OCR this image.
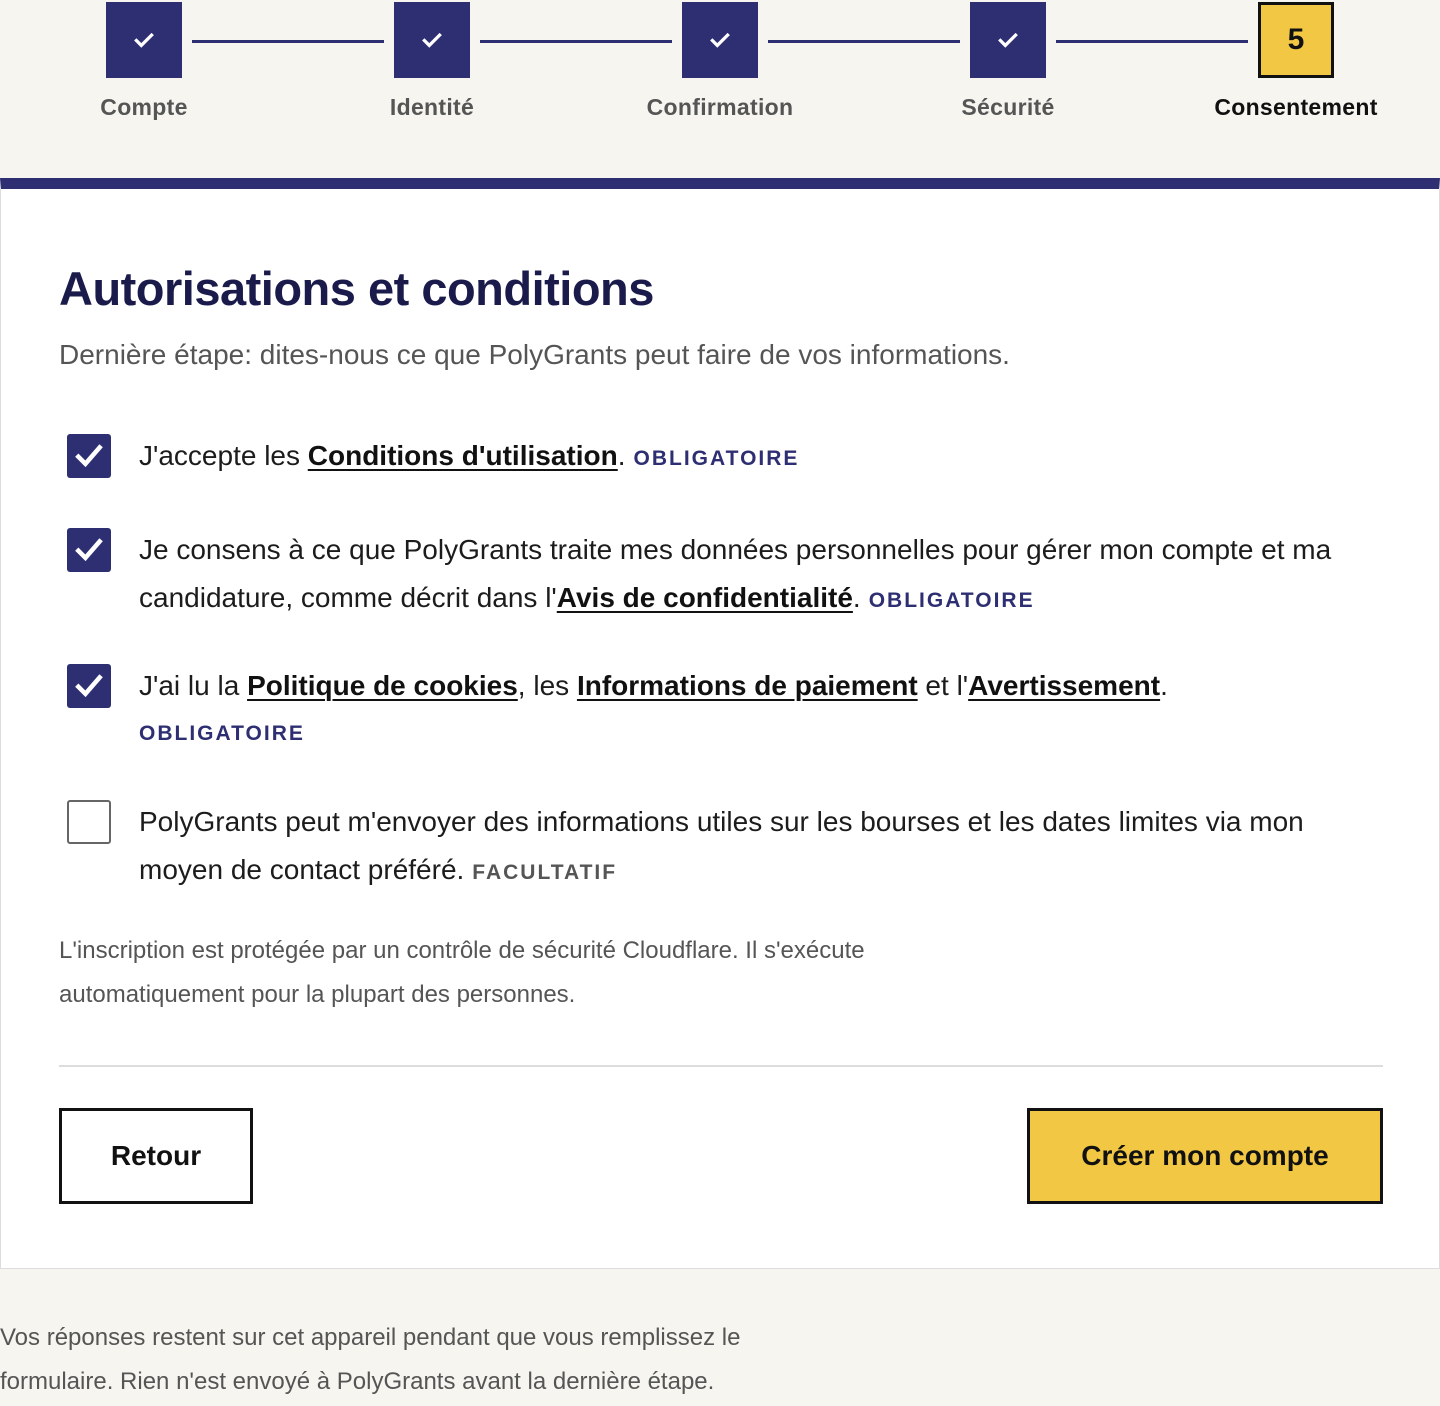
Compte	Identité	Confirmation	Sécurité
5
Consentement
Autorisations et conditions

Dernière étape: dites-nous ce que PolyGrants peut faire de vos informations.

J'accepte les Conditions d'utilisation. OBLIGATOIRE
Je consens à ce que PolyGrants traite mes données personnelles pour gérer mon compte et ma candidature, comme décrit dans l'Avis de confidentialité. OBLIGATOIRE
J'ai lu la Politique de cookies, les Informations de paiement et l'Avertissement.
OBLIGATOIRE
PolyGrants peut m'envoyer des informations utiles sur les bourses et les dates limites via mon moyen de contact préféré. FACULTATIF

L'inscription est protégée par un contrôle de sécurité Cloudflare. Il s'exécute automatiquement pour la plupart des personnes.

Retour	Créer mon compte

Vos réponses restent sur cet appareil pendant que vous remplissez le formulaire. Rien n'est envoyé à PolyGrants avant la dernière étape.
